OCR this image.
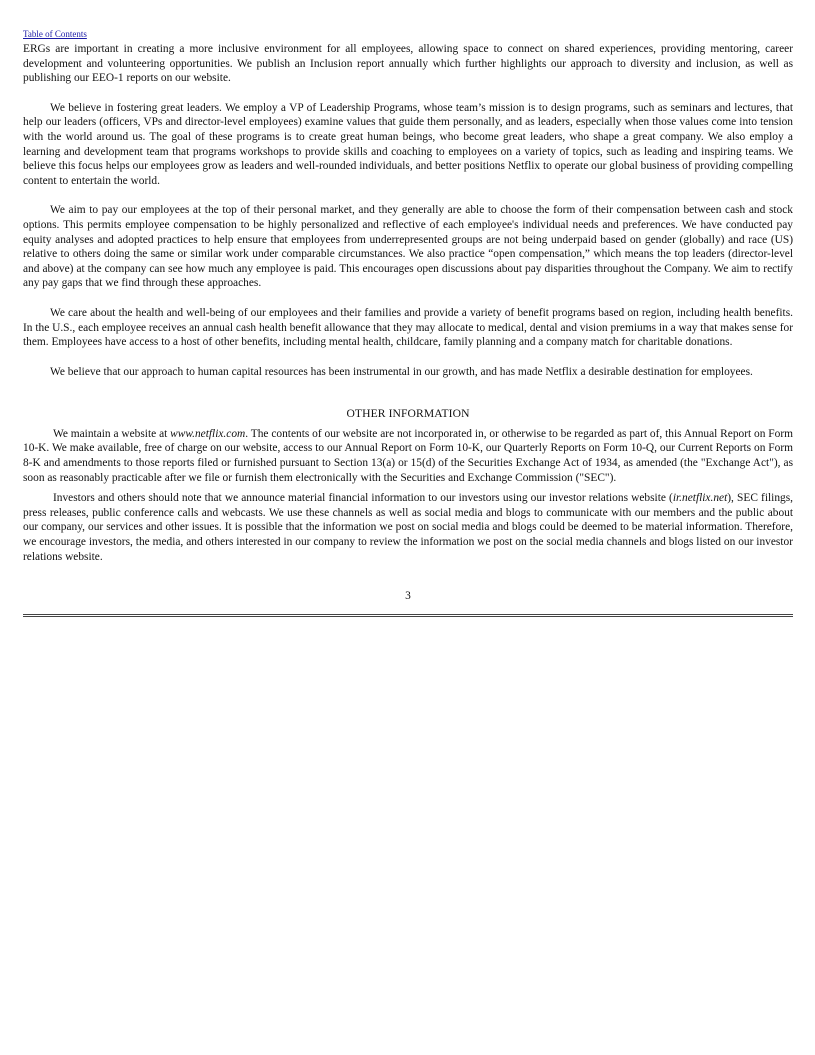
Table of Contents

ERGs are important in creating a more inclusive environment for all employees, allowing space to connect on shared experiences, providing mentoring, career development and volunteering opportunities. We publish an Inclusion report annually which further highlights our approach to diversity and inclusion, as well as publishing our EEO-1 reports on our website.

We believe in fostering great leaders. We employ a VP of Leadership Programs, whose team’s mission is to design programs, such as seminars and lectures, that help our leaders (officers, VPs and director-level employees) examine values that guide them personally, and as leaders, especially when those values come into tension with the world around us. The goal of these programs is to create great human beings, who become great leaders, who shape a great company. We also employ a learning and development team that programs workshops to provide skills and coaching to employees on a variety of topics, such as leading and inspiring teams. We believe this focus helps our employees grow as leaders and well-rounded individuals, and better positions Netflix to operate our global business of providing compelling content to entertain the world.

We aim to pay our employees at the top of their personal market, and they generally are able to choose the form of their compensation between cash and stock options. This permits employee compensation to be highly personalized and reflective of each employee's individual needs and preferences. We have conducted pay equity analyses and adopted practices to help ensure that employees from underrepresented groups are not being underpaid based on gender (globally) and race (US) relative to others doing the same or similar work under comparable circumstances. We also practice “open compensation,” which means the top leaders (director-level and above) at the company can see how much any employee is paid. This encourages open discussions about pay disparities throughout the Company. We aim to rectify any pay gaps that we find through these approaches.

We care about the health and well-being of our employees and their families and provide a variety of benefit programs based on region, including health benefits. In the U.S., each employee receives an annual cash health benefit allowance that they may allocate to medical, dental and vision premiums in a way that makes sense for them. Employees have access to a host of other benefits, including mental health, childcare, family planning and a company match for charitable donations.

We believe that our approach to human capital resources has been instrumental in our growth, and has made Netflix a desirable destination for employees.

OTHER INFORMATION

We maintain a website at www.netflix.com. The contents of our website are not incorporated in, or otherwise to be regarded as part of, this Annual Report on Form 10-K. We make available, free of charge on our website, access to our Annual Report on Form 10-K, our Quarterly Reports on Form 10-Q, our Current Reports on Form 8-K and amendments to those reports filed or furnished pursuant to Section 13(a) or 15(d) of the Securities Exchange Act of 1934, as amended (the "Exchange Act"), as soon as reasonably practicable after we file or furnish them electronically with the Securities and Exchange Commission ("SEC").

Investors and others should note that we announce material financial information to our investors using our investor relations website (ir.netflix.net), SEC filings, press releases, public conference calls and webcasts. We use these channels as well as social media and blogs to communicate with our members and the public about our company, our services and other issues. It is possible that the information we post on social media and blogs could be deemed to be material information. Therefore, we encourage investors, the media, and others interested in our company to review the information we post on the social media channels and blogs listed on our investor relations website.

3
